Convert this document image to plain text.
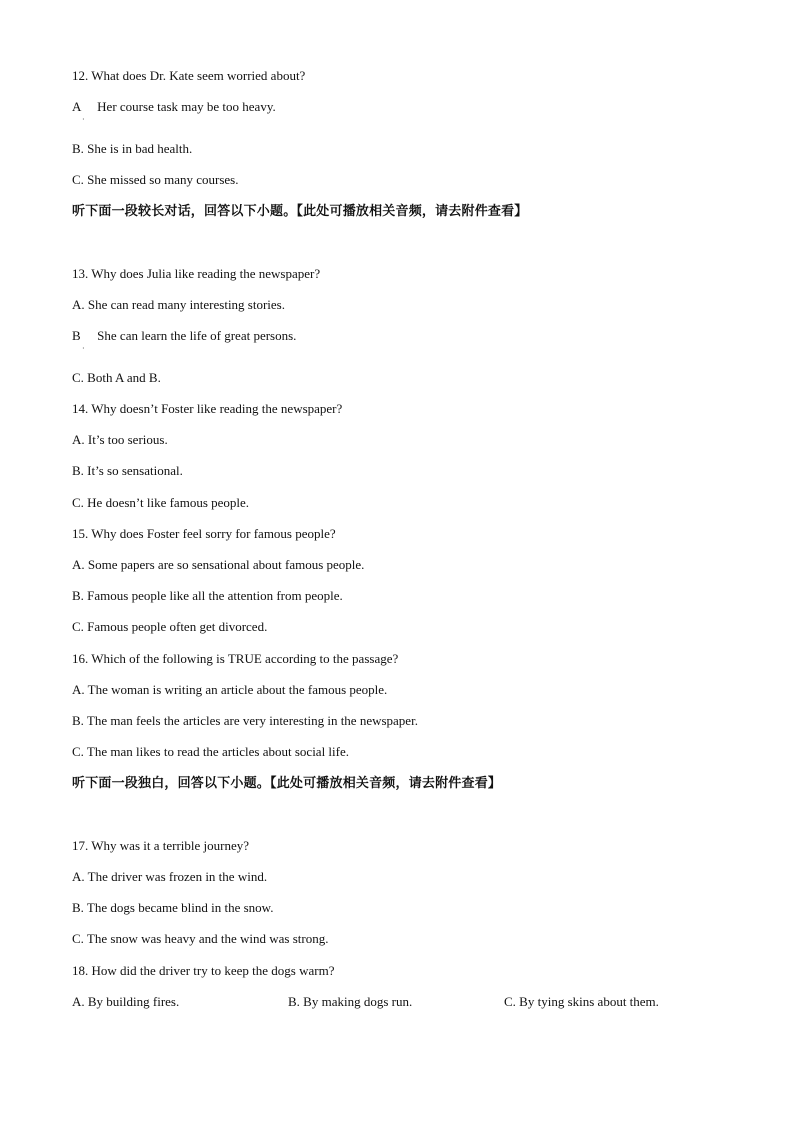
12. What does Dr. Kate seem worried about?
A Her course task may be too heavy.
·
B. She is in bad health.
C. She missed so many courses.
听下面一段较长对话，回答以下小题。【此处可播放相关音频，请去附件查看】
13. Why does Julia like reading the newspaper?
A. She can read many interesting stories.
B She can learn the life of great persons.
·
C. Both A and B.
14. Why doesn’t Foster like reading the newspaper?
A. It’s too serious.
B. It’s so sensational.
C. He doesn’t like famous people.
15. Why does Foster feel sorry for famous people?
A. Some papers are so sensational about famous people.
B. Famous people like all the attention from people.
C. Famous people often get divorced.
16. Which of the following is TRUE according to the passage?
A. The woman is writing an article about the famous people.
B. The man feels the articles are very interesting in the newspaper.
C. The man likes to read the articles about social life.
听下面一段独白，回答以下小题。【此处可播放相关音频，请去附件查看】
17. Why was it a terrible journey?
A. The driver was frozen in the wind.
B. The dogs became blind in the snow.
C. The snow was heavy and the wind was strong.
18. How did the driver try to keep the dogs warm?
A. By building fires.	B. By making dogs run.	C. By tying skins about them.
